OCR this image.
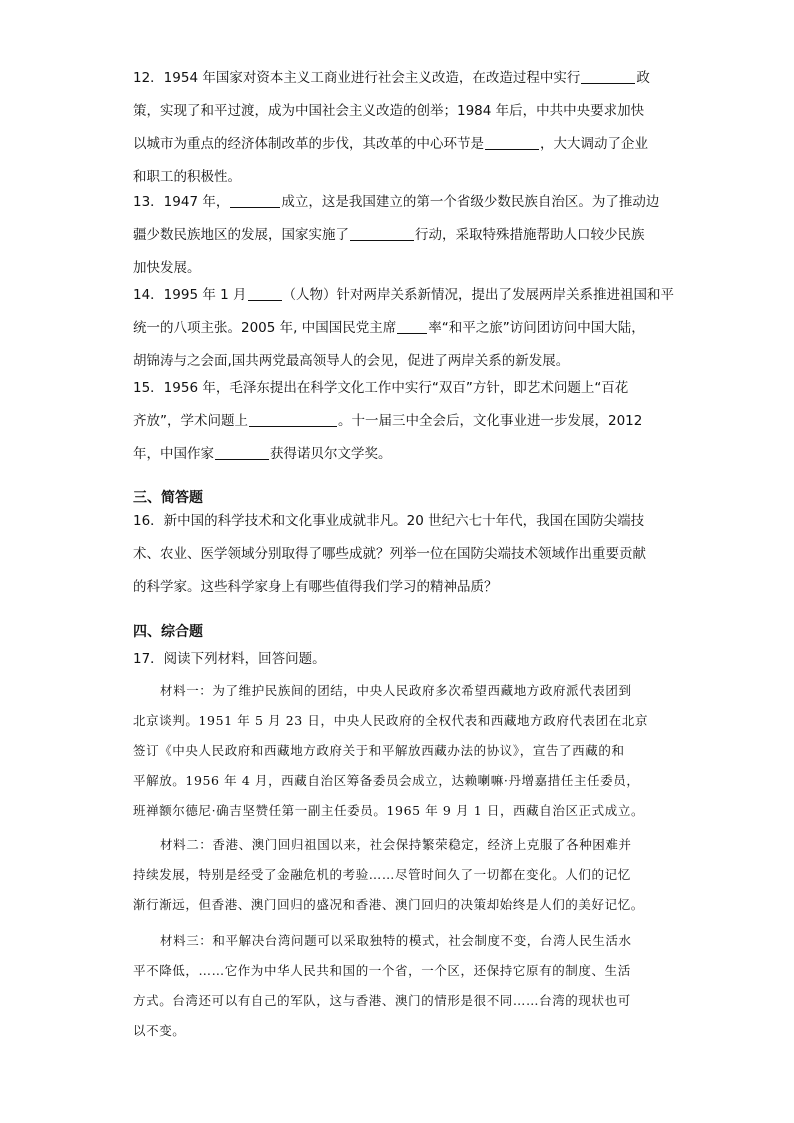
12．1954 年国家对资本主义工商业进行社会主义改造，在改造过程中实行	政
策，实现了和平过渡，成为中国社会主义改造的创举；1984 年后，中共中央要求加快
以城市为重点的经济体制改革的步伐，其改革的中心环节是	，大大调动了企业
和职工的积极性。

13．1947 年，	成立，这是我国建立的第一个省级少数民族自治区。为了推动边
疆少数民族地区的发展，国家实施了	行动，采取特殊措施帮助人口较少民族
加快发展。

14．1995 年 1 月	（人物）针对两岸关系新情况，提出了发展两岸关系推进祖国和平
统一的八项主张。2005 年, 中国国民党主席 率“和平之旅”访问团访问中国大陆，
胡锦涛与之会面,国共两党最高领导人的会见，促进了两岸关系的新发展。

15．1956 年，毛泽东提出在科学文化工作中实行“双百”方针，即艺术问题上“百花
齐放”，学术问题上	。十一届三中全会后，文化事业进一步发展，2012
年，中国作家	获得诺贝尔文学奖。

三、简答题

16．新中国的科学技术和文化事业成就非凡。20 世纪六七十年代，我国在国防尖端技
术、农业、医学领域分别取得了哪些成就？列举一位在国防尖端技术领域作出重要贡献
的科学家。这些科学家身上有哪些值得我们学习的精神品质？

四、综合题

17．阅读下列材料，回答问题。

材料一：为了维护民族间的团结，中央人民政府多次希望西藏地方政府派代表团到
北京谈判。1951 年 5 月 23 日，中央人民政府的全权代表和西藏地方政府代表团在北京
签订《中央人民政府和西藏地方政府关于和平解放西藏办法的协议》，宣告了西藏的和
平解放。1956 年 4 月，西藏自治区筹备委员会成立，达赖喇嘛·丹增嘉措任主任委员，
班禅额尔德尼·确吉坚赞任第一副主任委员。1965 年 9 月 1 日，西藏自治区正式成立。
材料二：香港、澳门回归祖国以来，社会保持繁荣稳定，经济上克服了各种困难并
持续发展，特别是经受了金融危机的考验……尽管时间久了一切都在变化。人们的记忆
渐行渐远，但香港、澳门回归的盛况和香港、澳门回归的决策却始终是人们的美好记忆。
材料三：和平解决台湾问题可以采取独特的模式，社会制度不变，台湾人民生活水
平不降低，……它作为中华人民共和国的一个省，一个区，还保持它原有的制度、生活
方式。台湾还可以有自己的军队，这与香港、澳门的情形是很不同……台湾的现状也可
以不变。
